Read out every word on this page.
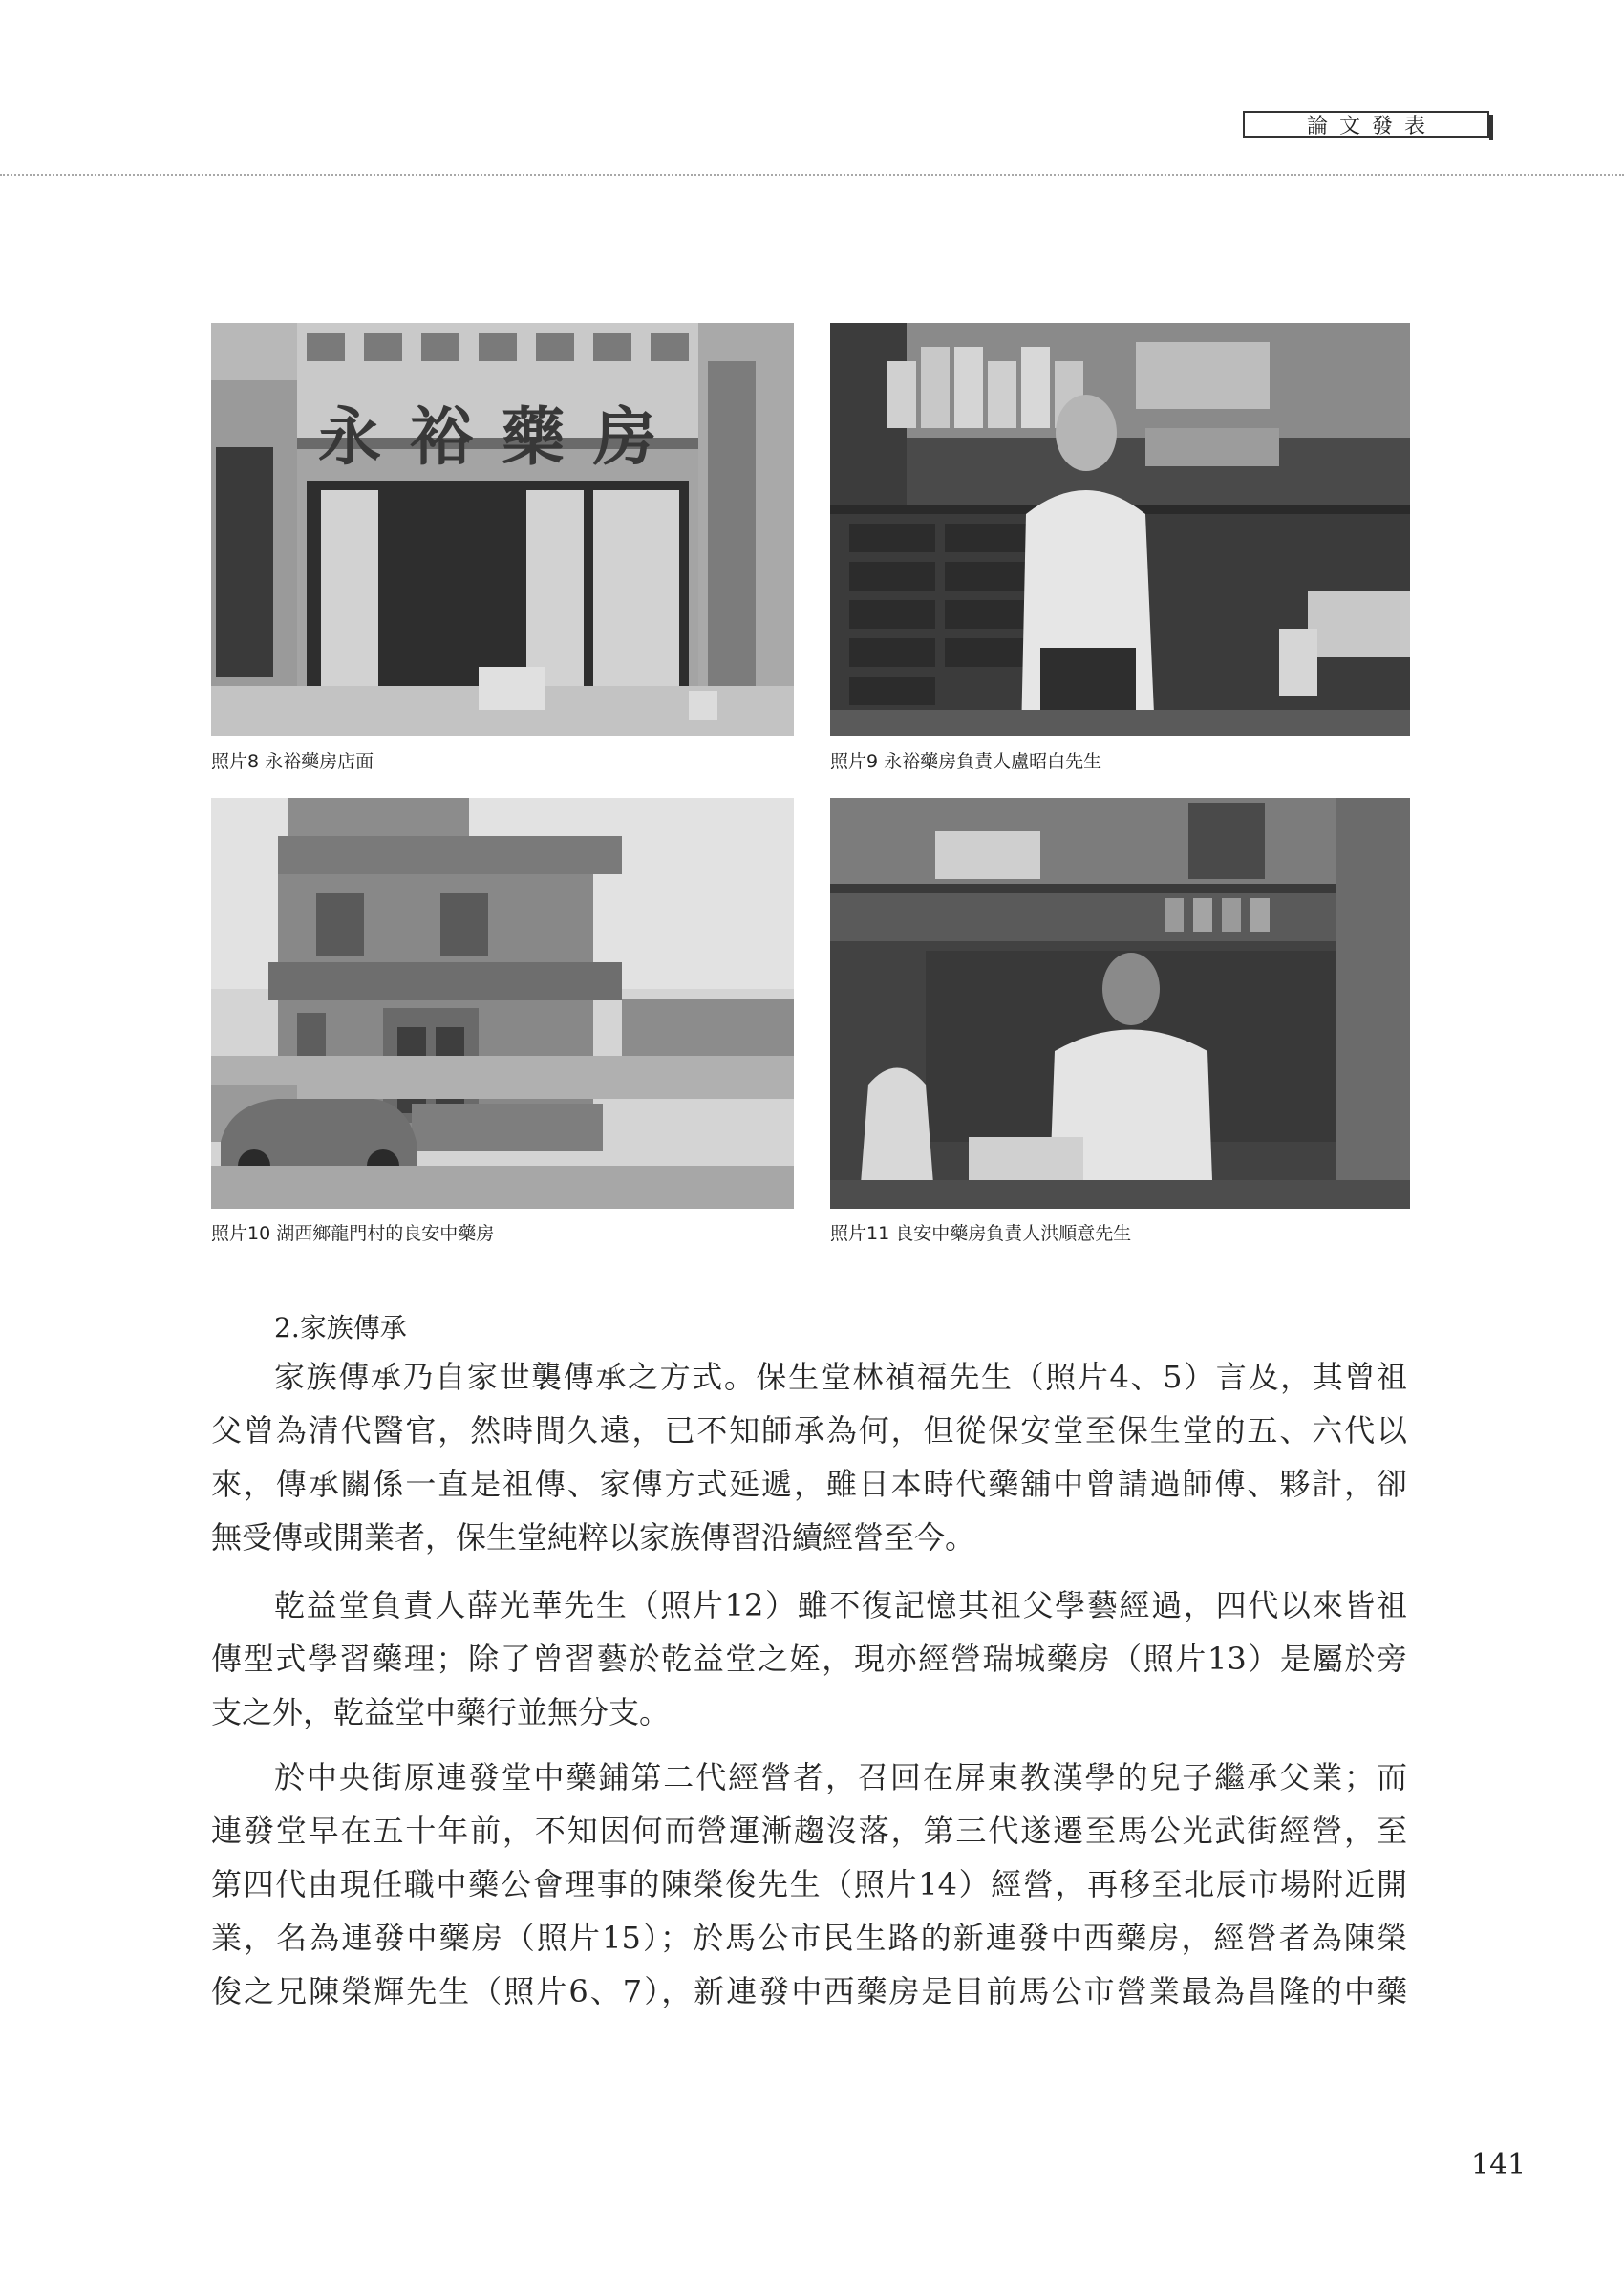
論文發表
永裕藥房
照片8 永裕藥房店面	照片9 永裕藥房負責人盧昭白先生
照片10 湖西鄉龍門村的良安中藥房	照片11 良安中藥房負責人洪順意先生
2.家族傳承
家族傳承乃自家世襲傳承之方式。保生堂林禎福先生（照片4、5）言及，其曾祖
父曾為清代醫官，然時間久遠，已不知師承為何，但從保安堂至保生堂的五、六代以
來，傳承關係一直是祖傳、家傳方式延遞，雖日本時代藥舖中曾請過師傅、夥計，卻
無受傳或開業者，保生堂純粹以家族傳習沿續經營至今。
乾益堂負責人薛光華先生（照片12）雖不復記憶其祖父學藝經過，四代以來皆祖
傳型式學習藥理；除了曾習藝於乾益堂之姪，現亦經營瑞城藥房（照片13）是屬於旁
支之外，乾益堂中藥行並無分支。
於中央街原連發堂中藥鋪第二代經營者，召回在屏東教漢學的兒子繼承父業；而
連發堂早在五十年前，不知因何而營運漸趨沒落，第三代遂遷至馬公光武街經營，至
第四代由現任職中藥公會理事的陳榮俊先生（照片14）經營，再移至北辰市場附近開
業，名為連發中藥房（照片15）；於馬公市民生路的新連發中西藥房，經營者為陳榮
俊之兄陳榮輝先生（照片6、7），新連發中西藥房是目前馬公市營業最為昌隆的中藥
141
